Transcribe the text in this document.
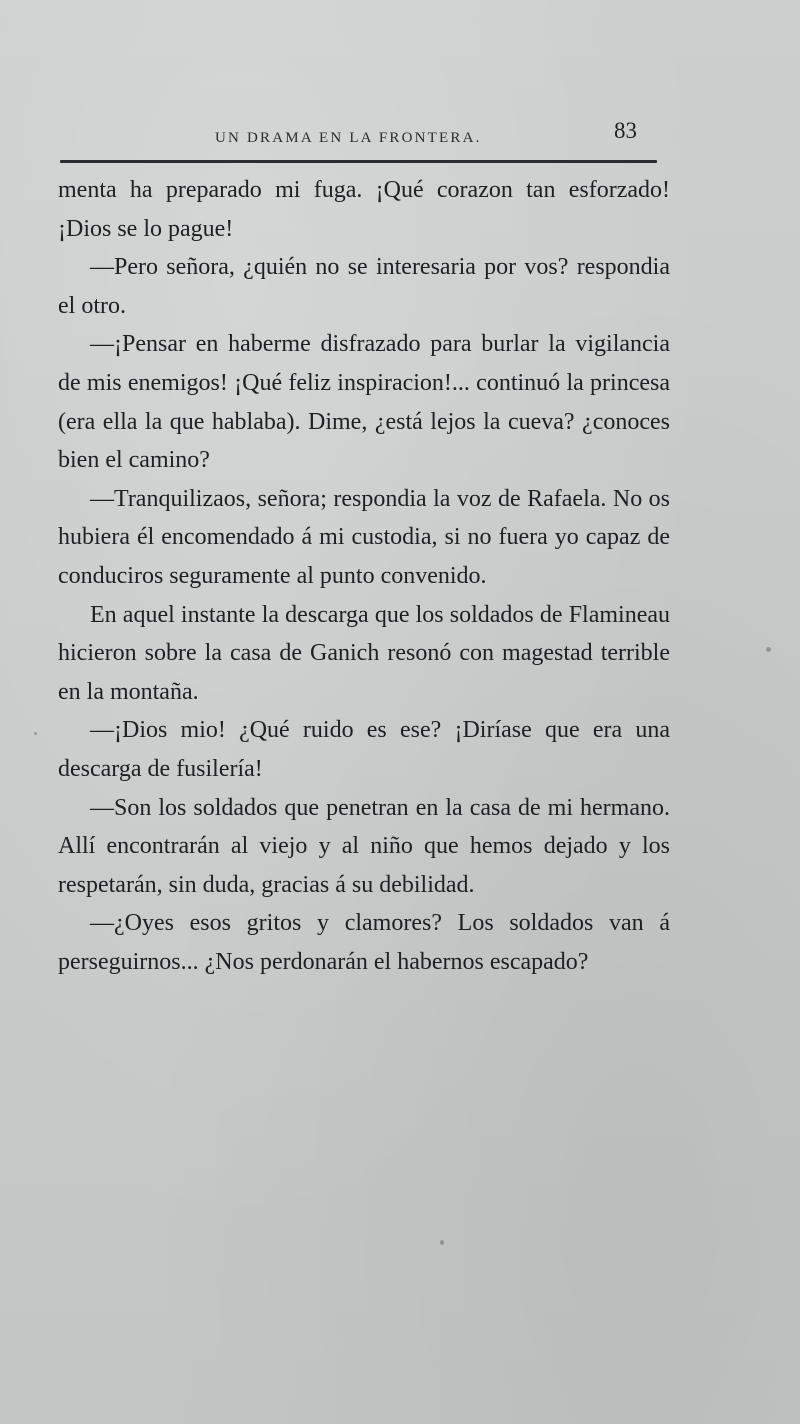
UN DRAMA EN LA FRONTERA.	83

menta ha preparado mi fuga. ¡Qué corazon tan esforzado! ¡Dios se lo pague!

—Pero señora, ¿quién no se interesaria por vos? respondia el otro.

—¡Pensar en haberme disfrazado para burlar la vigilancia de mis enemigos! ¡Qué feliz inspiracion!... continuó la princesa (era ella la que hablaba). Dime, ¿está lejos la cueva? ¿conoces bien el camino?

—Tranquilizaos, señora; respondia la voz de Rafaela. No os hubiera él encomendado á mi custodia, si no fuera yo capaz de conduciros seguramente al punto convenido.

En aquel instante la descarga que los soldados de Flamineau hicieron sobre la casa de Ganich resonó con magestad terrible en la montaña.

—¡Dios mio! ¿Qué ruido es ese? ¡Diríase que era una descarga de fusilería!

—Son los soldados que penetran en la casa de mi hermano. Allí encontrarán al viejo y al niño que hemos dejado y los respetarán, sin duda, gracias á su debilidad.

—¿Oyes esos gritos y clamores? Los soldados van á perseguirnos... ¿Nos perdonarán el habernos escapado?
